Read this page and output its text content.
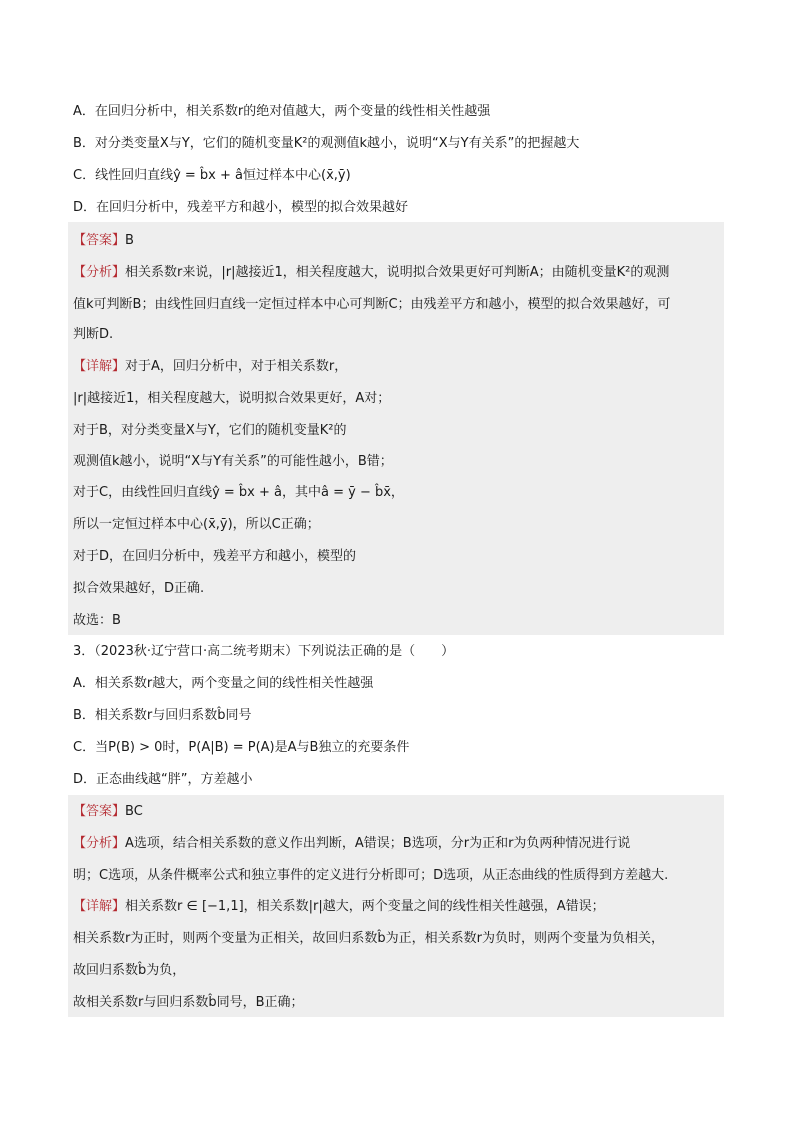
A．在回归分析中，相关系数r的绝对值越大，两个变量的线性相关性越强
B．对分类变量X与Y，它们的随机变量K²的观测值k越小，说明“X与Y有关系”的把握越大
C．线性回归直线ŷ = b̂x + â恒过样本中心(x̄,ȳ)
D．在回归分析中，残差平方和越小，模型的拟合效果越好
【答案】B
【分析】相关系数r来说，|r|越接近1，相关程度越大，说明拟合效果更好可判断A；由随机变量K²的观测
值k可判断B；由线性回归直线一定恒过样本中心可判断C；由残差平方和越小，模型的拟合效果越好，可
判断D.
【详解】对于A，回归分析中，对于相关系数r，
|r|越接近1，相关程度越大，说明拟合效果更好，A对；
对于B，对分类变量X与Y，它们的随机变量K²的
观测值k越小，说明“X与Y有关系”的可能性越小，B错；
对于C，由线性回归直线ŷ = b̂x + â，其中â = ȳ − b̂x̄，
所以一定恒过样本中心(x̄,ȳ)，所以C正确；
对于D，在回归分析中，残差平方和越小，模型的
拟合效果越好，D正确.
故选：B
3．（2023秋·辽宁营口·高二统考期末）下列说法正确的是（　　）
A．相关系数r越大，两个变量之间的线性相关性越强
B．相关系数r与回归系数b̂同号
C．当P(B) > 0时，P(A|B) = P(A)是A与B独立的充要条件
D．正态曲线越“胖”，方差越小
【答案】BC
【分析】A选项，结合相关系数的意义作出判断，A错误；B选项，分r为正和r为负两种情况进行说
明；C选项，从条件概率公式和独立事件的定义进行分析即可；D选项，从正态曲线的性质得到方差越大.
【详解】相关系数r ∈ [−1,1]，相关系数|r|越大，两个变量之间的线性相关性越强，A错误；
相关系数r为正时，则两个变量为正相关，故回归系数b̂为正，相关系数r为负时，则两个变量为负相关，
故回归系数b̂为负，
故相关系数r与回归系数b̂同号，B正确；
